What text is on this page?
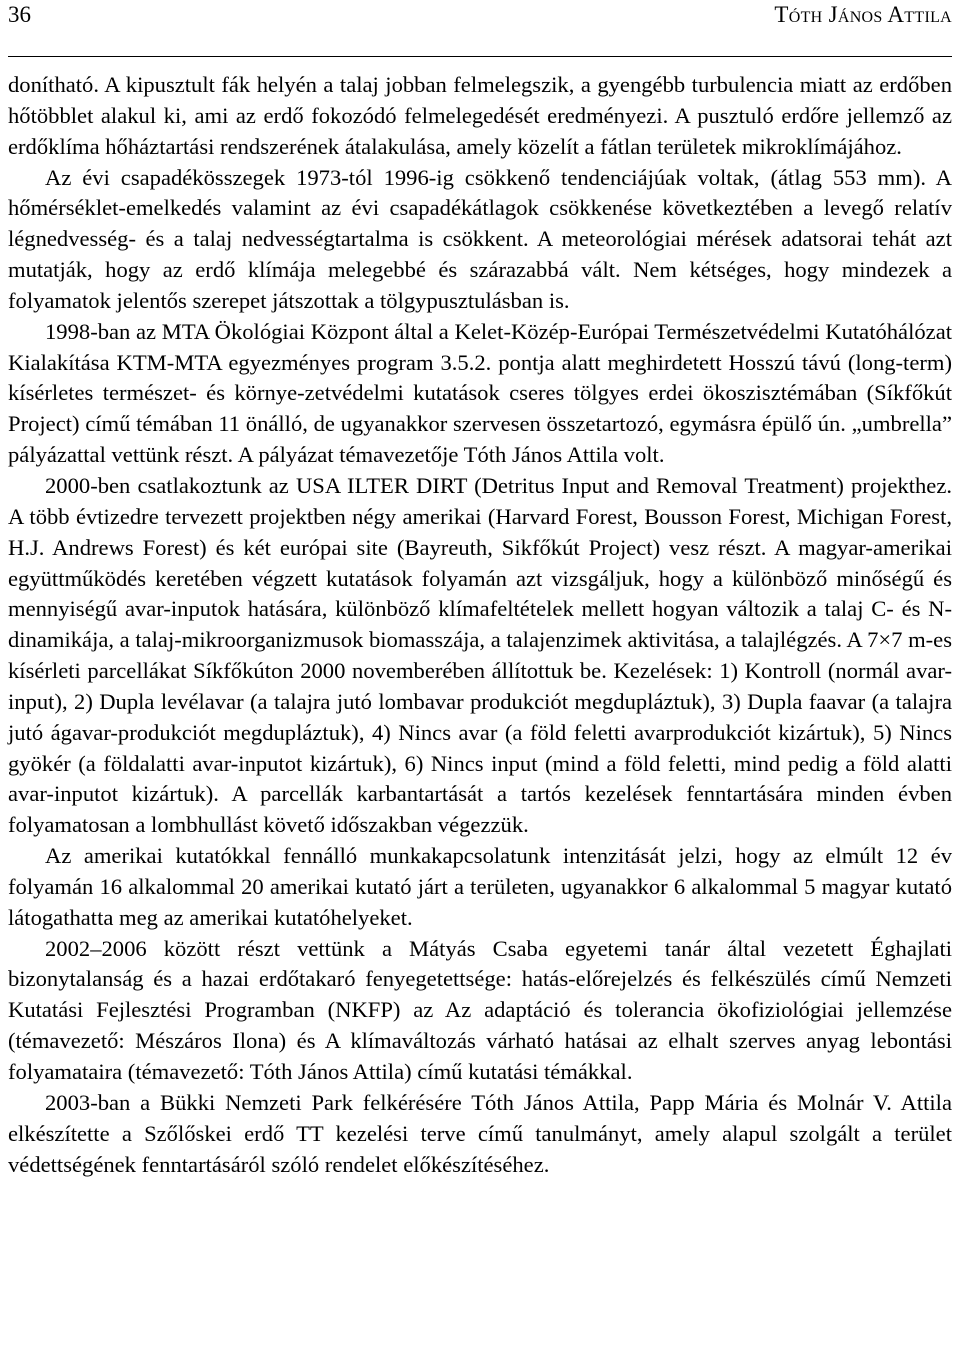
36	Tóth János Attila

donítható. A kipusztult fák helyén a talaj jobban felmelegszik, a gyengébb turbulencia miatt az erdőben hőtöbblet alakul ki, ami az erdő fokozódó felmelegedését eredményezi. A pusztuló erdőre jellemző az erdőklíma hőháztartási rendszerének átalakulása, amely közelít a fátlan területek mikroklímájához.

Az évi csapadékösszegek 1973-tól 1996-ig csökkenő tendenciájúak voltak, (átlag 553 mm). A hőmérséklet-emelkedés valamint az évi csapadékátlagok csökkenése következtében a levegő relatív légnedvesség- és a talaj nedvességtartalma is csökkent. A meteorológiai mérések adatsorai tehát azt mutatják, hogy az erdő klímája melegebbé és szárazabbá vált. Nem kétséges, hogy mindezek a folyamatok jelentős szerepet játszottak a tölgypusztulásban is.

1998-ban az MTA Ökológiai Központ által a Kelet-Közép-Európai Természetvédelmi Kutatóhálózat Kialakítása KTM-MTA egyezményes program 3.5.2. pontja alatt meghirdetett Hosszú távú (long-term) kísérletes természet- és környe-zetvédelmi kutatások cseres tölgyes erdei ökoszisztémában (Síkfőkút Project) című témában 11 önálló, de ugyanakkor szervesen összetartozó, egymásra épülő ún. „umbrella” pályázattal vettünk részt. A pályázat témavezetője Tóth János Attila volt.

2000-ben csatlakoztunk az USA ILTER DIRT (Detritus Input and Removal Treatment) projekthez. A több évtizedre tervezett projektben négy amerikai (Harvard Forest, Bousson Forest, Michigan Forest, H.J. Andrews Forest) és két európai site (Bayreuth, Sikfőkút Project) vesz részt. A magyar-amerikai együttműködés keretében végzett kutatások folyamán azt vizsgáljuk, hogy a különböző minőségű és mennyiségű avar-inputok hatására, különböző klímafeltételek mellett hogyan változik a talaj C- és N-dinamikája, a talaj-mikroorganizmusok biomasszája, a talajenzimek aktivitása, a talajlégzés. A 7×7 m-es kísérleti parcellákat Síkfőkúton 2000 novemberében állítottuk be. Kezelések: 1) Kontroll (normál avar-input), 2) Dupla levélavar (a talajra jutó lombavar produkciót megdupláztuk), 3) Dupla faavar (a talajra jutó ágavar-produkciót megdupláztuk), 4) Nincs avar (a föld feletti avarprodukciót kizártuk), 5) Nincs gyökér (a földalatti avar-inputot kizártuk), 6) Nincs input (mind a föld feletti, mind pedig a föld alatti avar-inputot kizártuk). A parcellák karbantartását a tartós kezelések fenntartására minden évben folyamatosan a lombhullást követő időszakban végezzük.

Az amerikai kutatókkal fennálló munkakapcsolatunk intenzitását jelzi, hogy az elmúlt 12 év folyamán 16 alkalommal 20 amerikai kutató járt a területen, ugyanakkor 6 alkalommal 5 magyar kutató látogathatta meg az amerikai kutatóhelyeket.

2002–2006 között részt vettünk a Mátyás Csaba egyetemi tanár által vezetett Éghajlati bizonytalanság és a hazai erdőtakaró fenyegetettsége: hatás-előrejelzés és felkészülés című Nemzeti Kutatási Fejlesztési Programban (NKFP) az Az adaptáció és tolerancia ökofiziológiai jellemzése (témavezető: Mészáros Ilona) és A klímaváltozás várható hatásai az elhalt szerves anyag lebontási folyamataira (témavezető: Tóth János Attila) című kutatási témákkal.

2003-ban a Bükki Nemzeti Park felkérésére Tóth János Attila, Papp Mária és Molnár V. Attila elkészítette a Szőlőskei erdő TT kezelési terve című tanulmányt, amely alapul szolgált a terület védettségének fenntartásáról szóló rendelet előkészítéséhez.
